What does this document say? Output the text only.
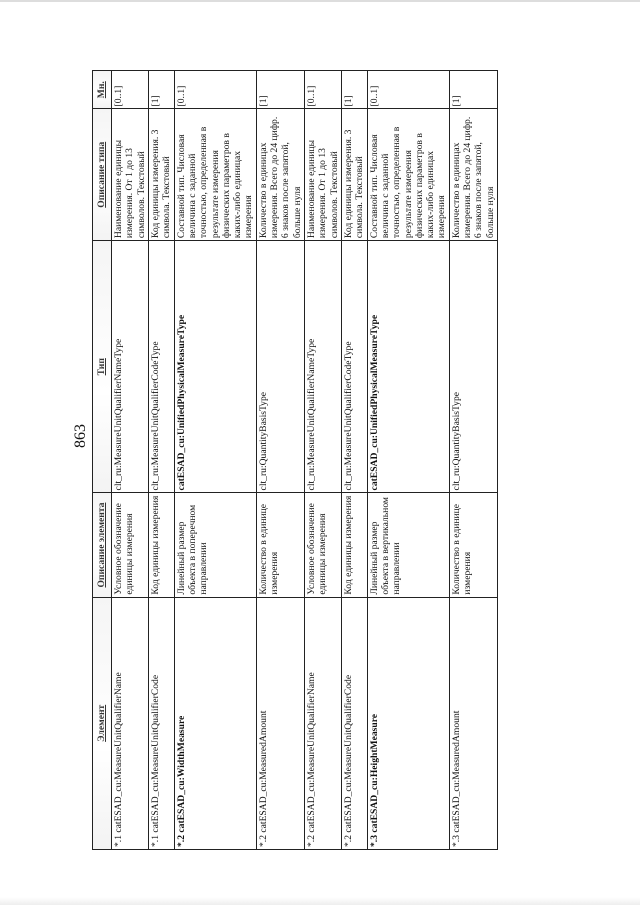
863
Элемент	Описание элемента	Тип	Описание типа	Мн.
*.1 catESAD_cu:MeasureUnitQualifierName	Условное обозначение единицы измерения	clt_ru:MeasureUnitQualifierNameType	Наименование единицы измерения. От 1 до 13 символов. Текстовый	[0..1]
*.1 catESAD_cu:MeasureUnitQualifierCode	Код единицы измерения	clt_ru:MeasureUnitQualifierCodeType	Код единицы измерения. 3 символа. Текстовый	[1]
*.2 catESAD_cu:WidthMeasure	Линейный размер объекта в поперечном направлении	catESAD_cu:UnifiedPhysicalMeasureType	Составной тип. Числовая величина с заданной точностью, определенная в результате измерения физических параметров в каких-либо единицах измерения	[0..1]
*.2 catESAD_cu:MeasuredAmount	Количество в единице измерения	clt_ru:QuantityBasisType	Количество в единицах измерения. Всего до 24 цифр. 6 знаков после запятой, больше нуля	[1]
*.2 catESAD_cu:MeasureUnitQualifierName	Условное обозначение единицы измерения	clt_ru:MeasureUnitQualifierNameType	Наименование единицы измерения. От 1 до 13 символов. Текстовый	[0..1]
*.2 catESAD_cu:MeasureUnitQualifierCode	Код единицы измерения	clt_ru:MeasureUnitQualifierCodeType	Код единицы измерения. 3 символа. Текстовый	[1]
*.3 catESAD_cu:HeightMeasure	Линейный размер объекта в вертикальном направлении	catESAD_cu:UnifiedPhysicalMeasureType	Составной тип. Числовая величина с заданной точностью, определенная в результате измерения физических параметров в каких-либо единицах измерения	[0..1]
*.3 catESAD_cu:MeasuredAmount	Количество в единице измерения	clt_ru:QuantityBasisType	Количество в единицах измерения. Всего до 24 цифр. 6 знаков после запятой, больше нуля	[1]
